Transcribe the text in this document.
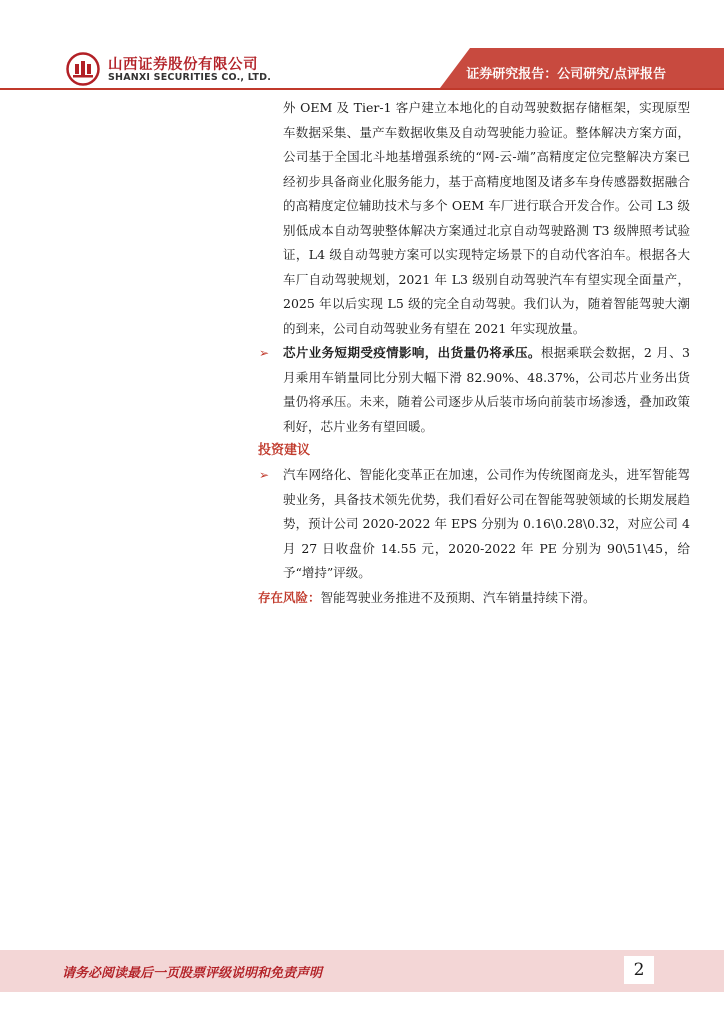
山西证券股份有限公司
SHANXI SECURITIES CO., LTD.	证券研究报告：公司研究/点评报告

外 OEM 及 Tier-1 客户建立本地化的自动驾驶数据存储框架，实现原型车数据采集、量产车数据收集及自动驾驶能力验证。整体解决方案方面，公司基于全国北斗地基增强系统的“网-云-端”高精度定位完整解决方案已经初步具备商业化服务能力，基于高精度地图及诸多车身传感器数据融合的高精度定位辅助技术与多个 OEM 车厂进行联合开发合作。公司 L3 级别低成本自动驾驶整体解决方案通过北京自动驾驶路测 T3 级牌照考试验证，L4 级自动驾驶方案可以实现特定场景下的自动代客泊车。根据各大车厂自动驾驶规划，2021 年 L3 级别自动驾驶汽车有望实现全面量产，2025 年以后实现 L5 级的完全自动驾驶。我们认为，随着智能驾驶大潮的到来，公司自动驾驶业务有望在 2021 年实现放量。

➢ 芯片业务短期受疫情影响，出货量仍将承压。根据乘联会数据，2 月、3 月乘用车销量同比分别大幅下滑 82.90%、48.37%，公司芯片业务出货量仍将承压。未来，随着公司逐步从后装市场向前装市场渗透，叠加政策利好，芯片业务有望回暖。

投资建议

➢ 汽车网络化、智能化变革正在加速，公司作为传统图商龙头，进军智能驾驶业务，具备技术领先优势，我们看好公司在智能驾驶领域的长期发展趋势，预计公司 2020-2022 年 EPS 分别为 0.16\0.28\0.32，对应公司 4 月 27 日收盘价 14.55 元，2020-2022 年 PE 分别为 90\51\45，给予“增持”评级。

存在风险：智能驾驶业务推进不及预期、汽车销量持续下滑。

请务必阅读最后一页股票评级说明和免责声明	2
